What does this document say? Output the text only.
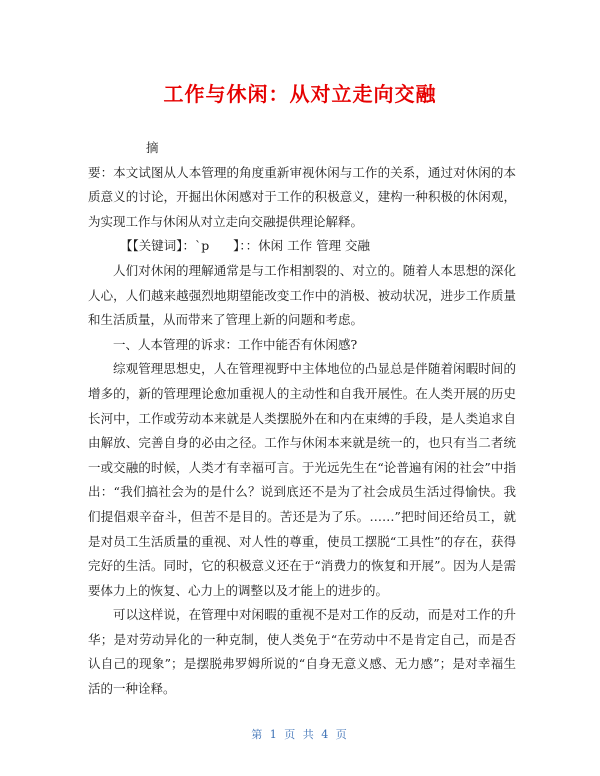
工作与休闲：从对立走向交融

摘

要：本文试图从人本管理的角度重新审视休闲与工作的关系，通过对休闲的本质意义的讨论，开掘出休闲感对于工作的积极意义，建构一种积极的休闲观，为实现工作与休闲从对立走向交融提供理论解释。

【【关键词】：`p 】：：休闲 工作 管理 交融

人们对休闲的理解通常是与工作相割裂的、对立的。随着人本思想的深化人心，人们越来越强烈地期望能改变工作中的消极、被动状况，进步工作质量和生活质量，从而带来了管理上新的问题和考虑。

一、人本管理的诉求：工作中能否有休闲感?

综观管理思想史，人在管理视野中主体地位的凸显总是伴随着闲暇时间的增多的，新的管理理论愈加重视人的主动性和自我开展性。在人类开展的历史长河中，工作或劳动本来就是人类摆脱外在和内在束缚的手段，是人类追求自由解放、完善自身的必由之径。工作与休闲本来就是统一的，也只有当二者统一或交融的时候，人类才有幸福可言。于光远先生在“论普遍有闲的社会”中指出：“我们搞社会为的是什么？说到底还不是为了社会成员生活过得愉快。我们提倡艰辛奋斗，但苦不是目的。苦还是为了乐。……”把时间还给员工，就是对员工生活质量的重视、对人性的尊重，使员工摆脱“工具性”的存在，获得完好的生活。同时，它的积极意义还在于“消费力的恢复和开展”。因为人是需要体力上的恢复、心力上的调整以及才能上的进步的。

可以这样说，在管理中对闲暇的重视不是对工作的反动，而是对工作的升华；是对劳动异化的一种克制，使人类免于“在劳动中不是肯定自己，而是否认自己的现象”；是摆脱弗罗姆所说的“自身无意义感、无力感”；是对幸福生活的一种诠释。

第 1 页 共 4 页
